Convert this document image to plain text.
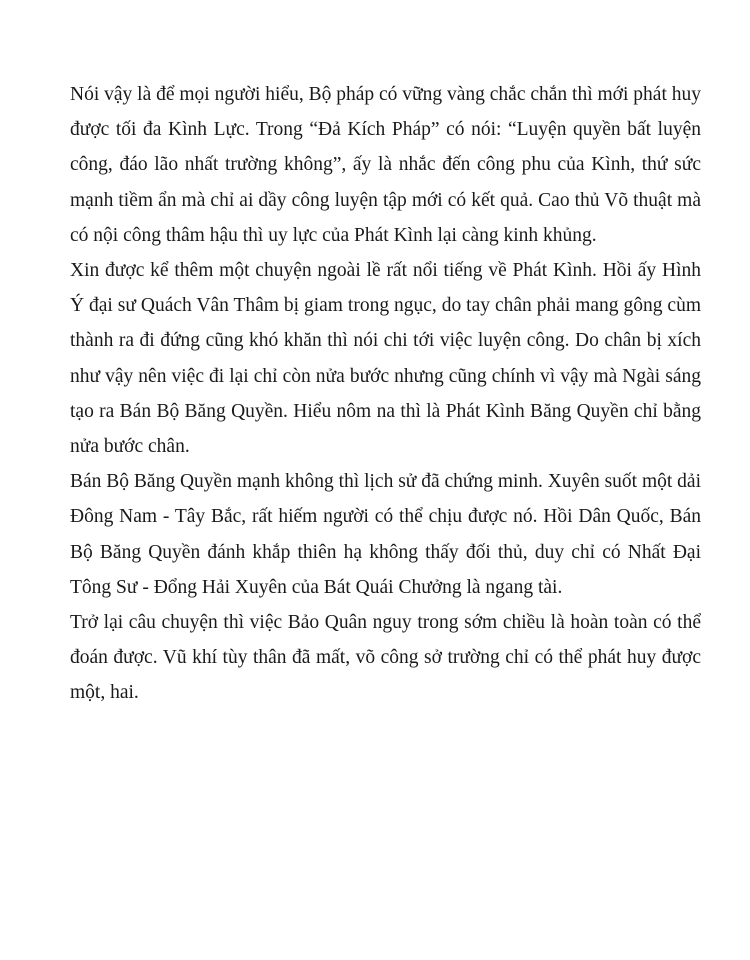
Nói vậy là để mọi người hiểu, Bộ pháp có vững vàng chắc chắn thì mới phát huy được tối đa Kình Lực. Trong “Đả Kích Pháp” có nói: “Luyện quyền bất luyện công, đáo lão nhất trường không”, ấy là nhắc đến công phu của Kình, thứ sức mạnh tiềm ẩn mà chỉ ai dầy công luyện tập mới có kết quả. Cao thủ Võ thuật mà có nội công thâm hậu thì uy lực của Phát Kình lại càng kinh khủng.

Xin được kể thêm một chuyện ngoài lề rất nổi tiếng về Phát Kình. Hồi ấy Hình Ý đại sư Quách Vân Thâm bị giam trong ngục, do tay chân phải mang gông cùm thành ra đi đứng cũng khó khăn thì nói chi tới việc luyện công. Do chân bị xích như vậy nên việc đi lại chỉ còn nửa bước nhưng cũng chính vì vậy mà Ngài sáng tạo ra Bán Bộ Băng Quyền. Hiểu nôm na thì là Phát Kình Băng Quyền chỉ bằng nửa bước chân.

Bán Bộ Băng Quyền mạnh không thì lịch sử đã chứng minh. Xuyên suốt một dải Đông Nam - Tây Bắc, rất hiếm người có thể chịu được nó. Hồi Dân Quốc, Bán Bộ Băng Quyền đánh khắp thiên hạ không thấy đối thủ, duy chỉ có Nhất Đại Tông Sư - Đổng Hải Xuyên của Bát Quái Chưởng là ngang tài.

Trở lại câu chuyện thì việc Bảo Quân nguy trong sớm chiều là hoàn toàn có thể đoán được. Vũ khí tùy thân đã mất, võ công sở trường chỉ có thể phát huy được một, hai.
